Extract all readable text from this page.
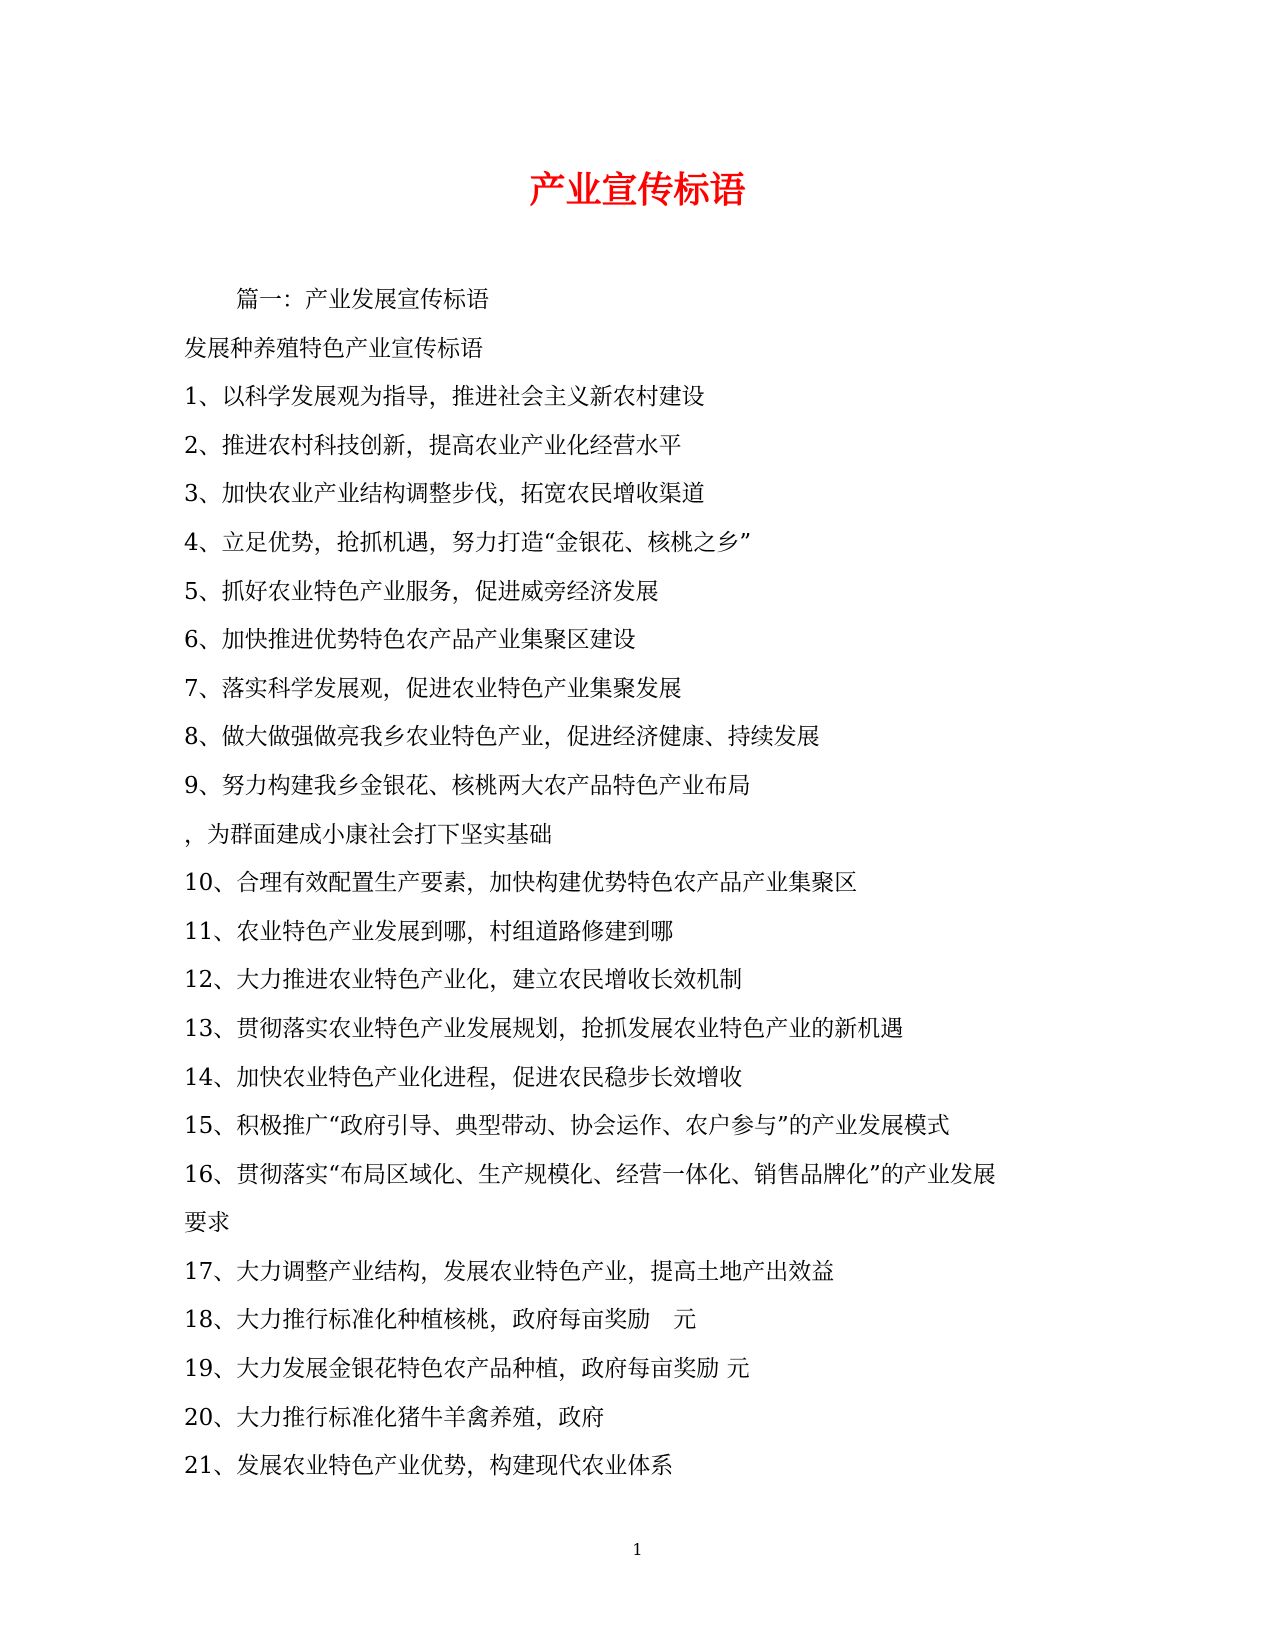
产业宣传标语

篇一：产业发展宣传标语

发展种养殖特色产业宣传标语

1、以科学发展观为指导，推进社会主义新农村建设

2、推进农村科技创新，提高农业产业化经营水平

3、加快农业产业结构调整步伐，拓宽农民增收渠道

4、立足优势，抢抓机遇，努力打造“金银花、核桃之乡”

5、抓好农业特色产业服务，促进威旁经济发展

6、加快推进优势特色农产品产业集聚区建设

7、落实科学发展观，促进农业特色产业集聚发展

8、做大做强做亮我乡农业特色产业，促进经济健康、持续发展

9、努力构建我乡金银花、核桃两大农产品特色产业布局

，为群面建成小康社会打下坚实基础

10、合理有效配置生产要素，加快构建优势特色农产品产业集聚区

11、农业特色产业发展到哪，村组道路修建到哪

12、大力推进农业特色产业化，建立农民增收长效机制

13、贯彻落实农业特色产业发展规划，抢抓发展农业特色产业的新机遇

14、加快农业特色产业化进程，促进农民稳步长效增收

15、积极推广“政府引导、典型带动、协会运作、农户参与”的产业发展模式

16、贯彻落实“布局区域化、生产规模化、经营一体化、销售品牌化”的产业发展

要求

17、大力调整产业结构，发展农业特色产业，提高土地产出效益

18、大力推行标准化种植核桃，政府每亩奖励　元

19、大力发展金银花特色农产品种植，政府每亩奖励 元

20、大力推行标准化猪牛羊禽养殖，政府

21、发展农业特色产业优势，构建现代农业体系

1
